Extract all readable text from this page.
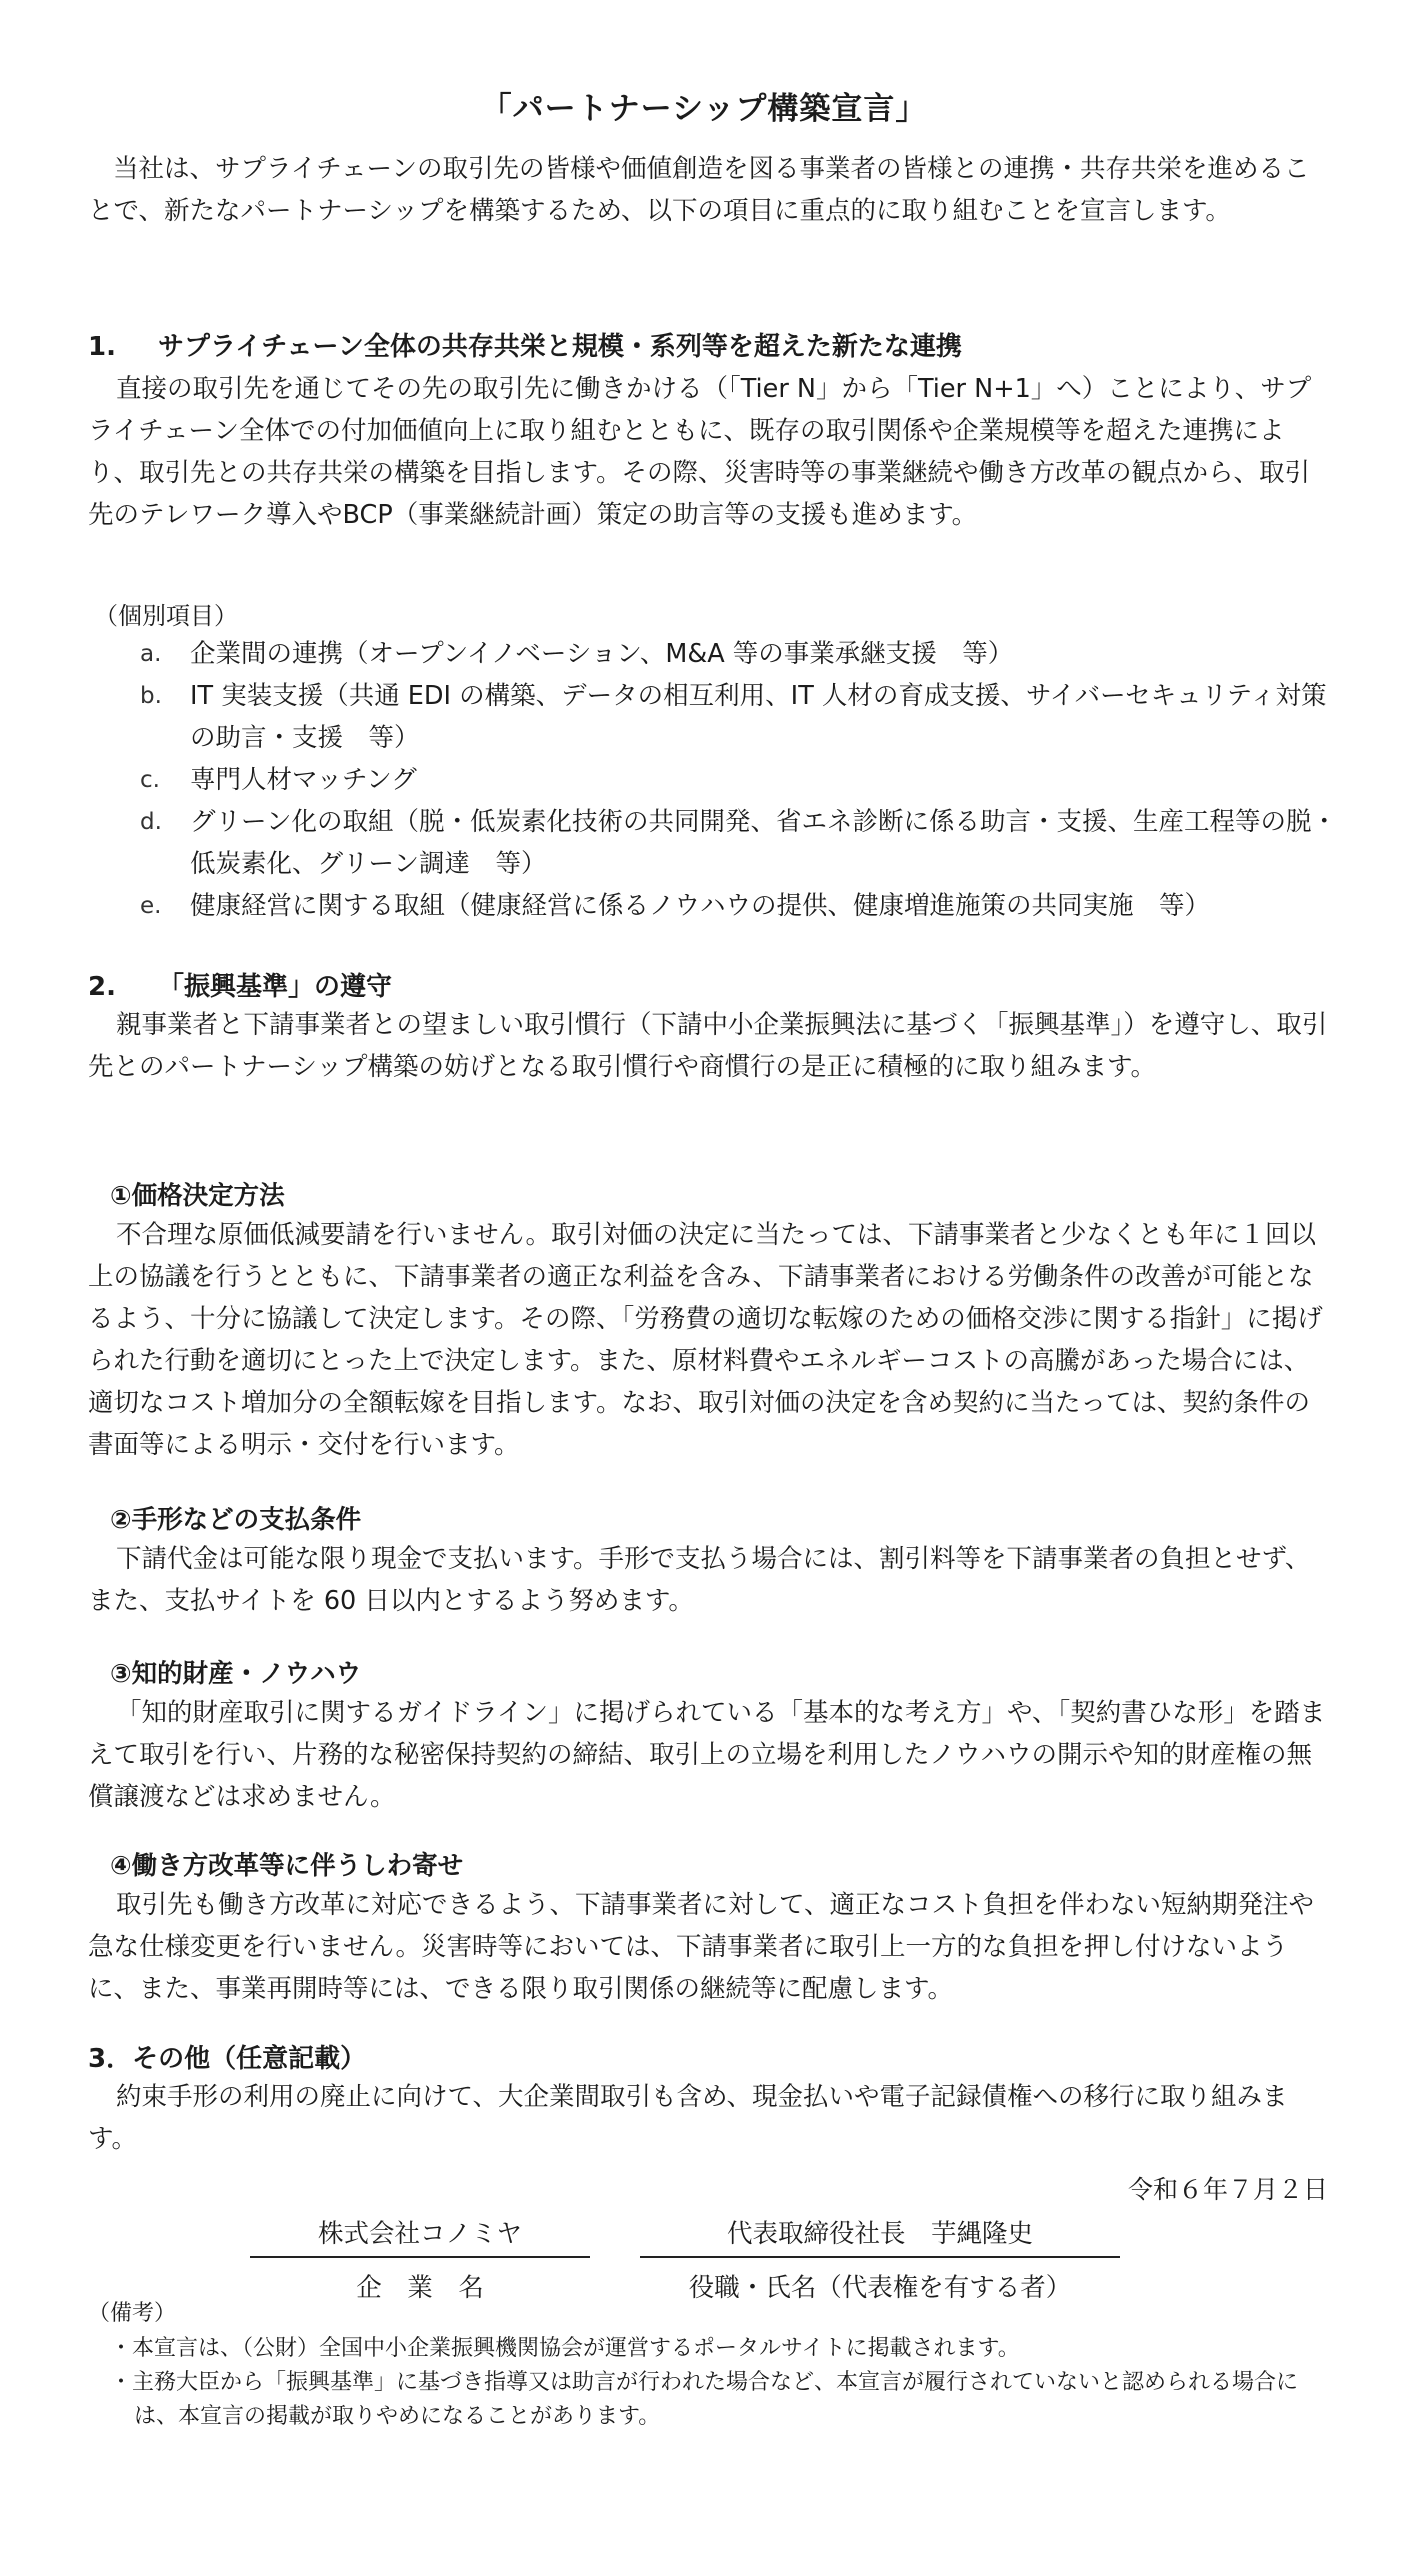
「パートナーシップ構築宣言」

当社は、サプライチェーンの取引先の皆様や価値創造を図る事業者の皆様との連携・共存共栄を進めることで、新たなパートナーシップを構築するため、以下の項目に重点的に取り組むことを宣言します。

1. サプライチェーン全体の共存共栄と規模・系列等を超えた新たな連携

直接の取引先を通じてその先の取引先に働きかける（「Tier N」から「Tier N+1」へ）ことにより、サプライチェーン全体での付加価値向上に取り組むとともに、既存の取引関係や企業規模等を超えた連携により、取引先との共存共栄の構築を目指します。その際、災害時等の事業継続や働き方改革の観点から、取引先のテレワーク導入やBCP（事業継続計画）策定の助言等の支援も進めます。

（個別項目）

a.	企業間の連携（オープンイノベーション、M&A 等の事業承継支援　等）
b.	IT 実装支援（共通 EDI の構築、データの相互利用、IT 人材の育成支援、サイバーセキュリティ対策の助言・支援　等）
c.	専門人材マッチング
d.	グリーン化の取組（脱・低炭素化技術の共同開発、省エネ診断に係る助言・支援、生産工程等の脱・低炭素化、グリーン調達　等）
e.	健康経営に関する取組（健康経営に係るノウハウの提供、健康増進施策の共同実施　等）
2. 「振興基準」の遵守

親事業者と下請事業者との望ましい取引慣行（下請中小企業振興法に基づく「振興基準」）を遵守し、取引先とのパートナーシップ構築の妨げとなる取引慣行や商慣行の是正に積極的に取り組みます。

①価格決定方法

不合理な原価低減要請を行いません。取引対価の決定に当たっては、下請事業者と少なくとも年に１回以上の協議を行うとともに、下請事業者の適正な利益を含み、下請事業者における労働条件の改善が可能となるよう、十分に協議して決定します。その際、「労務費の適切な転嫁のための価格交渉に関する指針」に掲げられた行動を適切にとった上で決定します。また、原材料費やエネルギーコストの高騰があった場合には、適切なコスト増加分の全額転嫁を目指します。なお、取引対価の決定を含め契約に当たっては、契約条件の書面等による明示・交付を行います。

②手形などの支払条件

下請代金は可能な限り現金で支払います。手形で支払う場合には、割引料等を下請事業者の負担とせず、また、支払サイトを 60 日以内とするよう努めます。

③知的財産・ノウハウ

「知的財産取引に関するガイドライン」に掲げられている「基本的な考え方」や、「契約書ひな形」を踏まえて取引を行い、片務的な秘密保持契約の締結、取引上の立場を利用したノウハウの開示や知的財産権の無償譲渡などは求めません。

④働き方改革等に伴うしわ寄せ

取引先も働き方改革に対応できるよう、下請事業者に対して、適正なコスト負担を伴わない短納期発注や急な仕様変更を行いません。災害時等においては、下請事業者に取引上一方的な負担を押し付けないように、また、事業再開時等には、できる限り取引関係の継続等に配慮します。

3．その他（任意記載）

約束手形の利用の廃止に向けて、大企業間取引も含め、現金払いや電子記録債権への移行に取り組みます。

令和６年７月２日
株式会社コノミヤ
企　業　名
代表取締役社長　芋縄隆史
役職・氏名（代表権を有する者）

（備考）

・本宣言は、（公財）全国中小企業振興機関協会が運営するポータルサイトに掲載されます。
・主務大臣から「振興基準」に基づき指導又は助言が行われた場合など、本宣言が履行されていないと認められる場合には、本宣言の掲載が取りやめになることがあります。
